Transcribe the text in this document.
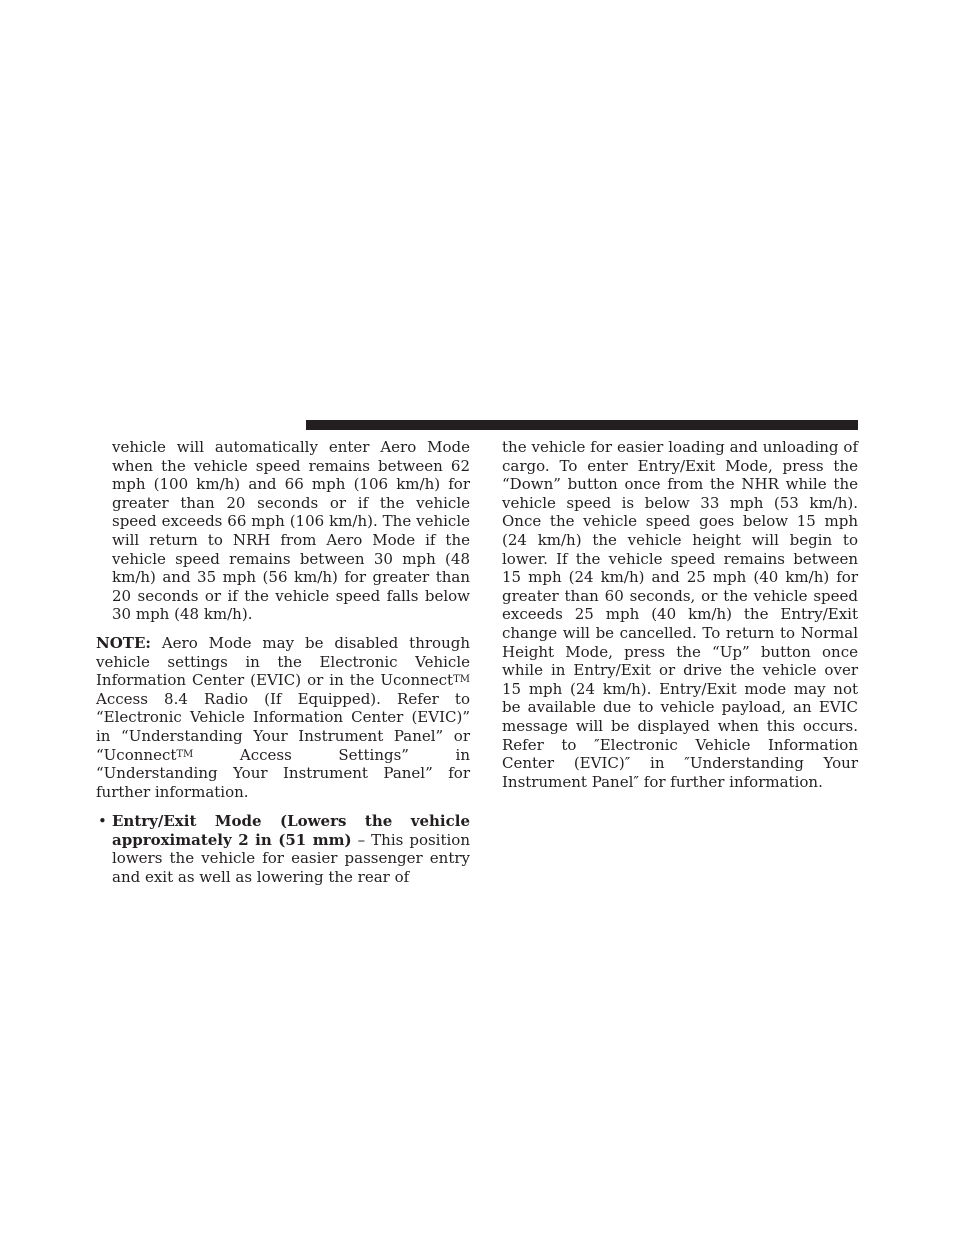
vehicle will automatically enter Aero Mode when the vehicle speed remains between 62 mph (100 km/h) and 66 mph (106 km/h) for greater than 20 seconds or if the vehicle speed exceeds 66 mph (106 km/h). The vehicle will return to NRH from Aero Mode if the vehicle speed remains between 30 mph (48 km/h) and 35 mph (56 km/h) for greater than 20 seconds or if the vehicle speed falls below 30 mph (48 km/h).

NOTE: Aero Mode may be disabled through vehicle settings in the Electronic Vehicle Information Center (EVIC) or in the Uconnect™ Access 8.4 Radio (If Equipped). Refer to “Electronic Vehicle Information Center (EVIC)” in “Understanding Your Instrument Panel” or “Uconnect™ Access Settings” in “Understanding Your Instrument Panel” for further information.

• Entry/Exit Mode (Lowers the vehicle approximately 2 in (51 mm) – This position lowers the vehicle for easier passenger entry and exit as well as lowering the rear of

the vehicle for easier loading and unloading of cargo. To enter Entry/Exit Mode, press the “Down” button once from the NHR while the vehicle speed is below 33 mph (53 km/h). Once the vehicle speed goes below 15 mph (24 km/h) the vehicle height will begin to lower. If the vehicle speed remains between 15 mph (24 km/h) and 25 mph (40 km/h) for greater than 60 seconds, or the vehicle speed exceeds 25 mph (40 km/h) the Entry/Exit change will be cancelled. To return to Normal Height Mode, press the “Up” button once while in Entry/Exit or drive the vehicle over 15 mph (24 km/h). Entry/Exit mode may not be available due to vehicle payload, an EVIC message will be displayed when this occurs. Refer to ″Electronic Vehicle Information Center (EVIC)″ in ″Understanding Your Instrument Panel″ for further information.
